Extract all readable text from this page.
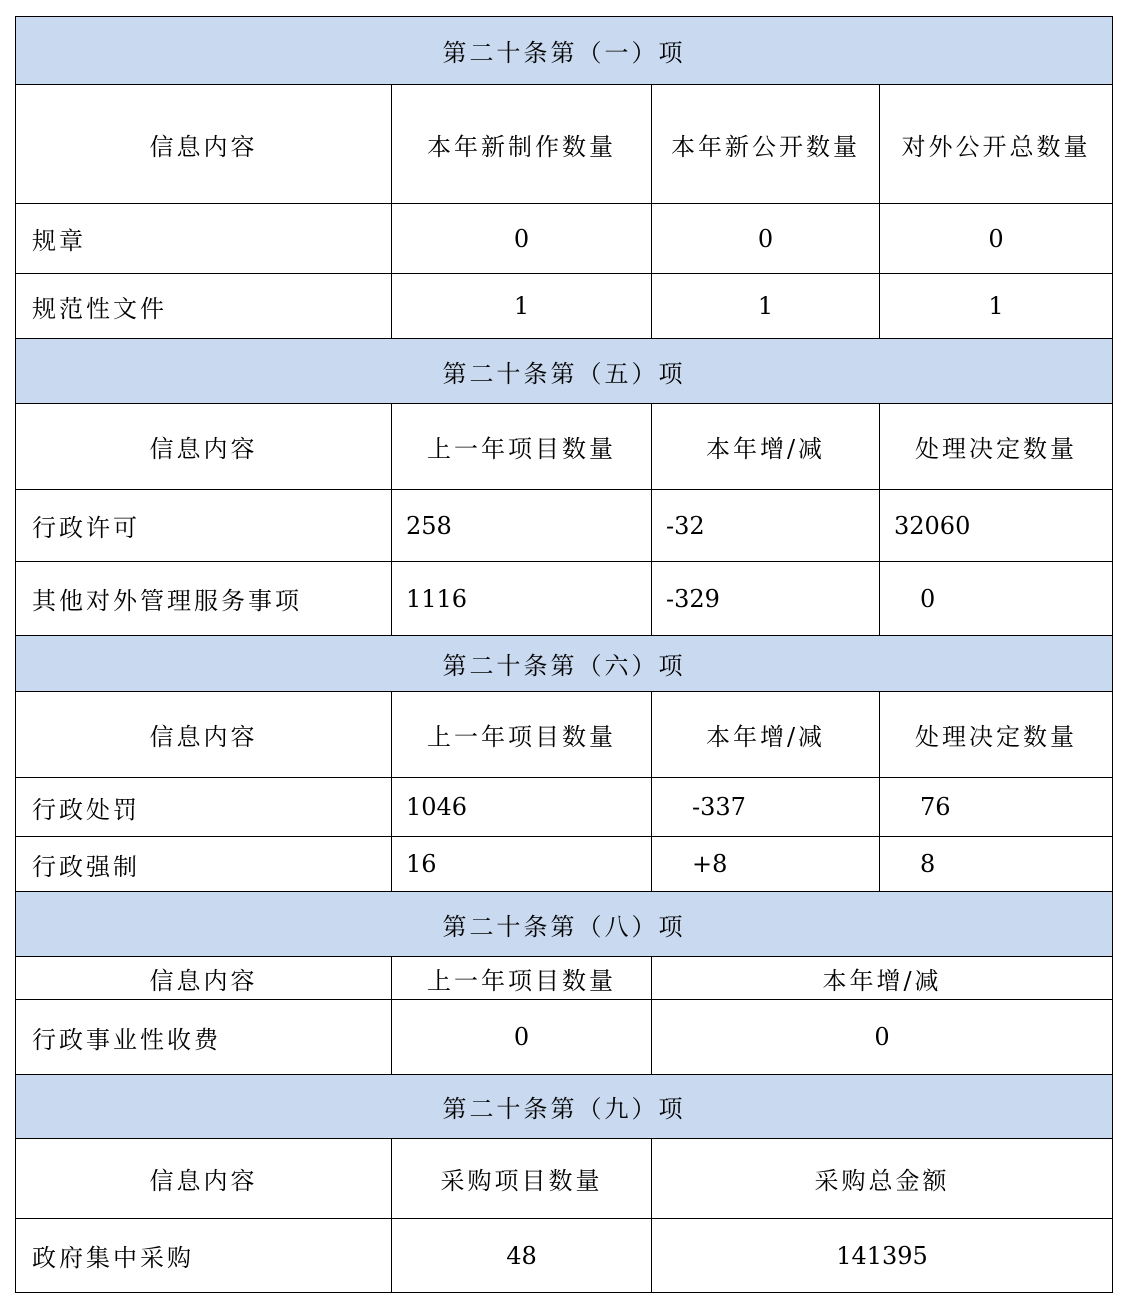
第二十条第（一）项			
信息内容	本年新制作数量	本年新公开数量	对外公开总数量
规章	0	0	0
规范性文件	1	1	1
第二十条第（五）项			
信息内容	上一年项目数量	本年增/减	处理决定数量
行政许可	258	-32	32060
其他对外管理服务事项	1116	-329	0
第二十条第（六）项			
信息内容	上一年项目数量	本年增/减	处理决定数量
行政处罚	1046	-337	76
行政强制	16	+8	8
第二十条第（八）项			
信息内容	上一年项目数量	本年增/减	
行政事业性收费	0	0	
第二十条第（九）项			
信息内容	采购项目数量	采购总金额	
政府集中采购	48	141395	
